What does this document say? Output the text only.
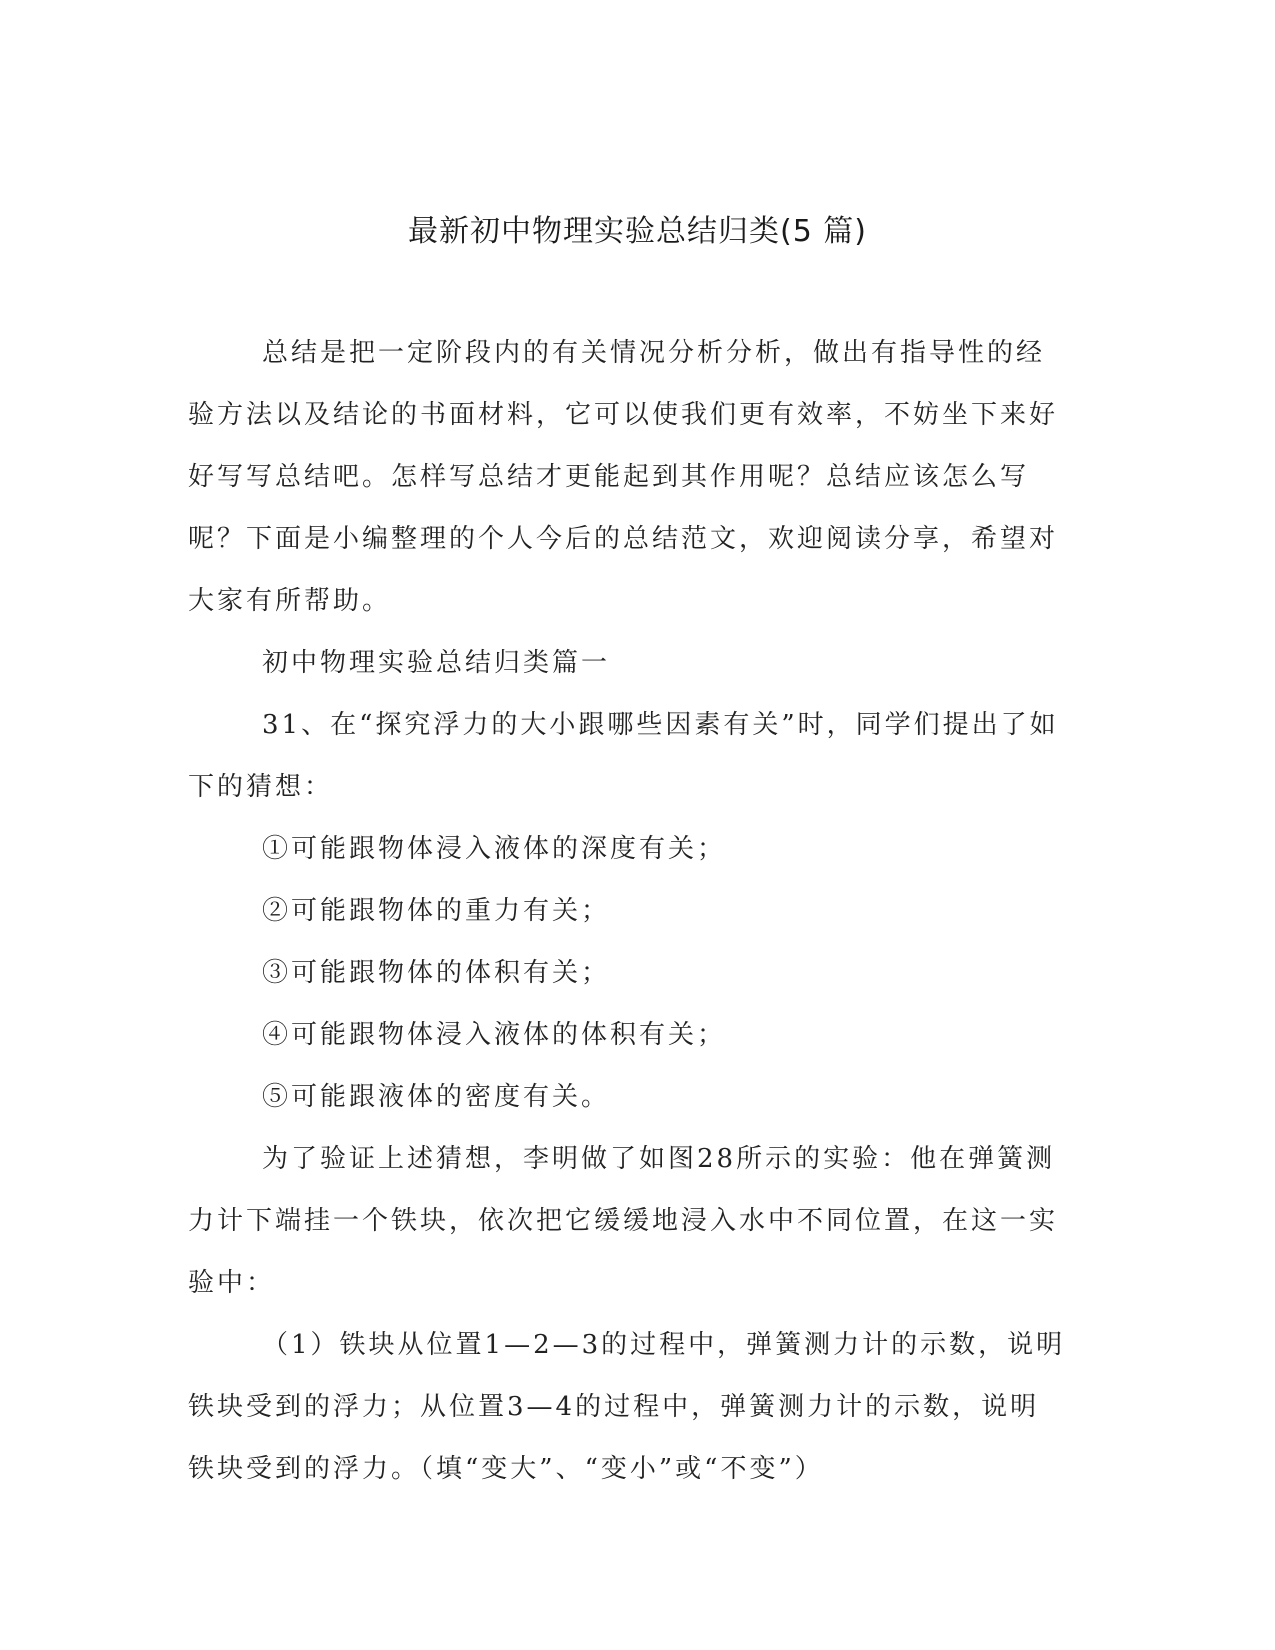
最新初中物理实验总结归类(5 篇)

总结是把一定阶段内的有关情况分析分析，做出有指导性的经验方法以及结论的书面材料，它可以使我们更有效率，不妨坐下来好好写写总结吧。怎样写总结才更能起到其作用呢？总结应该怎么写呢？下面是小编整理的个人今后的总结范文，欢迎阅读分享，希望对大家有所帮助。

初中物理实验总结归类篇一

31、在“探究浮力的大小跟哪些因素有关”时，同学们提出了如下的猜想：

①可能跟物体浸入液体的深度有关；

②可能跟物体的重力有关；

③可能跟物体的体积有关；

④可能跟物体浸入液体的体积有关；

⑤可能跟液体的密度有关。

为了验证上述猜想，李明做了如图28所示的实验：他在弹簧测力计下端挂一个铁块，依次把它缓缓地浸入水中不同位置，在这一实验中：

（1）铁块从位置1—2—3的过程中，弹簧测力计的示数，说明铁块受到的浮力；从位置3—4的过程中，弹簧测力计的示数，说明铁块受到的浮力。（填“变大”、“变小”或“不变”）
